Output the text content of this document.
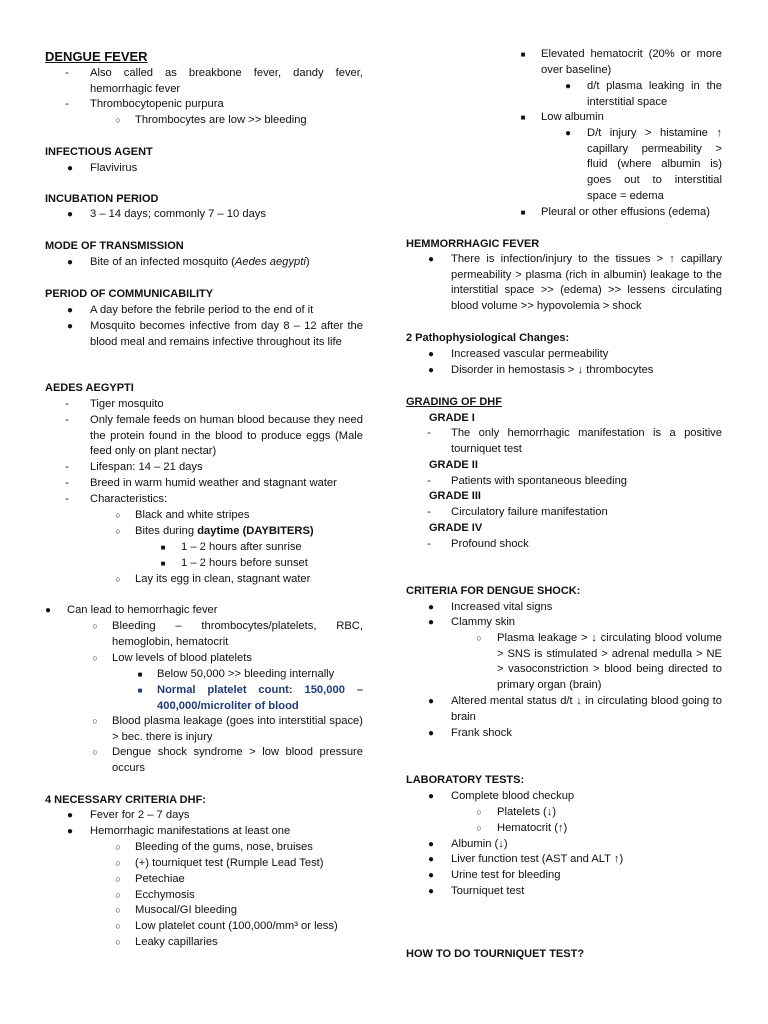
DENGUE FEVER
- Also called as breakbone fever, dandy fever, hemorrhagic fever
- Thrombocytopenic purpura
○ Thrombocytes are low >> bleeding
INFECTIOUS AGENT
● Flavivirus
INCUBATION PERIOD
● 3 – 14 days; commonly 7 – 10 days
MODE OF TRANSMISSION
● Bite of an infected mosquito (Aedes aegypti)
PERIOD OF COMMUNICABILITY
● A day before the febrile period to the end of it
● Mosquito becomes infective from day 8 – 12 after the blood meal and remains infective throughout its life
AEDES AEGYPTI
- Tiger mosquito
- Only female feeds on human blood because they need the protein found in the blood to produce eggs (Male feed only on plant nectar)
- Lifespan: 14 – 21 days
- Breed in warm humid weather and stagnant water
- Characteristics:
○ Black and white stripes
○ Bites during daytime (DAYBITERS)
■ 1 – 2 hours after sunrise
■ 1 – 2 hours before sunset
○ Lay its egg in clean, stagnant water
● Can lead to hemorrhagic fever
○ Bleeding – thrombocytes/platelets, RBC, hemoglobin, hematocrit
○ Low levels of blood platelets
■ Below 50,000 >> bleeding internally
■ Normal platelet count: 150,000 – 400,000/microliter of blood
○ Blood plasma leakage (goes into interstitial space) > bec. there is injury
○ Dengue shock syndrome > low blood pressure occurs
4 NECESSARY CRITERIA DHF:
● Fever for 2 – 7 days
● Hemorrhagic manifestations at least one
○ Bleeding of the gums, nose, bruises
○ (+) tourniquet test (Rumple Lead Test)
○ Petechiae
○ Ecchymosis
○ Musocal/GI bleeding
○ Low platelet count (100,000/mm³ or less)
○ Leaky capillaries
■ Elevated hematocrit (20% or more over baseline)
● d/t plasma leaking in the interstitial space
■ Low albumin
● D/t injury > histamine ↑ capillary permeability > fluid (where albumin is) goes out to interstitial space = edema
■ Pleural or other effusions (edema)
HEMMORRHAGIC FEVER
● There is infection/injury to the tissues > ↑ capillary permeability > plasma (rich in albumin) leakage to the interstitial space >> (edema) >> lessens circulating blood volume >> hypovolemia > shock
2 Pathophysiological Changes:
● Increased vascular permeability
● Disorder in hemostasis > ↓ thrombocytes
GRADING OF DHF
GRADE I
- The only hemorrhagic manifestation is a positive tourniquet test
GRADE II
- Patients with spontaneous bleeding
GRADE III
- Circulatory failure manifestation
GRADE IV
- Profound shock
CRITERIA FOR DENGUE SHOCK:
● Increased vital signs
● Clammy skin
○ Plasma leakage > ↓ circulating blood volume > SNS is stimulated > adrenal medulla > NE > vasoconstriction > blood being directed to primary organ (brain)
● Altered mental status d/t ↓ in circulating blood going to brain
● Frank shock
LABORATORY TESTS:
● Complete blood checkup
○ Platelets (↓)
○ Hematocrit (↑)
● Albumin (↓)
● Liver function test (AST and ALT ↑)
● Urine test for bleeding
● Tourniquet test
HOW TO DO TOURNIQUET TEST?
